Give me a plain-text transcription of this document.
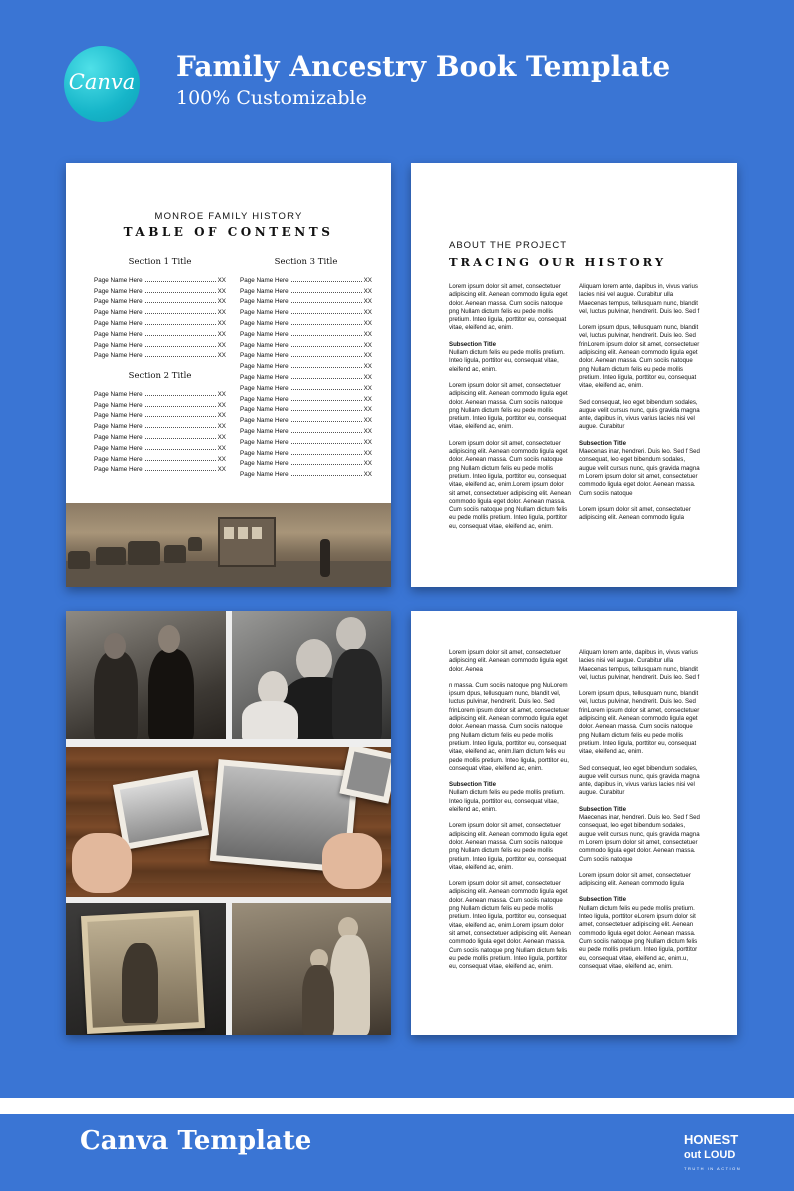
Canva Family Ancestry Book Template
100% Customizable
MONROE FAMILY HISTORY
TABLE OF CONTENTS
Section 1 Title
Page Name Here	XX
Page Name Here	XX
Page Name Here	XX
Page Name Here	XX
Page Name Here	XX
Page Name Here	XX
Page Name Here	XX
Page Name Here	XX
Section 2 Title
Page Name Here	XX
Page Name Here	XX
Page Name Here	XX
Page Name Here	XX
Page Name Here	XX
Page Name Here	XX
Page Name Here	XX
Page Name Here	XX
Section 3 Title
Page Name Here	XX
Page Name Here	XX
Page Name Here	XX
Page Name Here	XX
Page Name Here	XX
Page Name Here	XX
Page Name Here	XX
Page Name Here	XX
Page Name Here	XX
Page Name Here	XX
Page Name Here	XX
Page Name Here	XX
Page Name Here	XX
Page Name Here	XX
Page Name Here	XX
Page Name Here	XX
Page Name Here	XX
Page Name Here	XX
Page Name Here	XX
ABOUT THE PROJECT
TRACING OUR HISTORY

Lorem ipsum dolor sit amet, consectetuer adipiscing elit. Aenean commodo ligula eget dolor. Aenean massa. Cum sociis natoque png Nullam dictum felis eu pede mollis pretium. Inteo ligula, porttitor eu, consequat vitae, eleifend ac, enim.

Subsection Title

Nullam dictum felis eu pede mollis pretium. Inteo ligula, porttitor eu, consequat vitae, eleifend ac, enim.

Lorem ipsum dolor sit amet, consectetuer adipiscing elit. Aenean commodo ligula eget dolor. Aenean massa. Cum sociis natoque png Nullam dictum felis eu pede mollis pretium. Inteo ligula, porttitor eu, consequat vitae, eleifend ac, enim.

Lorem ipsum dolor sit amet, consectetuer adipiscing elit. Aenean commodo ligula eget dolor. Aenean massa. Cum sociis natoque png Nullam dictum felis eu pede mollis pretium. Inteo ligula, porttitor eu, consequat vitae, eleifend ac, enim.Lorem ipsum dolor sit amet, consectetuer adipiscing elit. Aenean commodo ligula eget dolor. Aenean massa. Cum sociis natoque png Nullam dictum felis eu pede mollis pretium. Inteo ligula, porttitor eu, consequat vitae, eleifend ac, enim.

Aliquam lorem ante, dapibus in, vivus varius lacies nisi vel augue. Curabitur ulla Maecenas tempus, tellusquam nunc, blandit vel, luctus pulvinar, hendrerit. Duis leo. Sed f

Lorem ipsum dpus, tellusquam nunc, blandit vel, luctus pulvinar, hendrerit. Duis leo. Sed frinLorem ipsum dolor sit amet, consectetuer adipiscing elit. Aenean commodo ligula eget dolor. Aenean massa. Cum sociis natoque png Nullam dictum felis eu pede mollis pretium. Inteo ligula, porttitor eu, consequat vitae, eleifend ac, enim.

Sed consequat, leo eget bibendum sodales, augue velit cursus nunc, quis gravida magna ante, dapibus in, vivus varius lacies nisi vel augue. Curabitur

Subsection Title

Maecenas inar, hendreri. Duis leo. Sed f Sed consequat, leo eget bibendum sodales, augue velit cursus nunc, quis gravida magna m Lorem ipsum dolor sit amet, consectetuer commodo ligula eget dolor. Aenean massa. Cum sociis natoque

Lorem ipsum dolor sit amet, consectetuer adipiscing elit. Aenean commodo ligula

Lorem ipsum dolor sit amet, consectetuer adipiscing elit. Aenean commodo ligula eget dolor. Aenea

n massa. Cum sociis natoque png NuLorem ipsum dpus, tellusquam nunc, blandit vel, luctus pulvinar, hendrerit. Duis leo. Sed frinLorem ipsum dolor sit amet, consectetuer adipiscing elit. Aenean commodo ligula eget dolor. Aenean massa. Cum sociis natoque png Nullam dictum felis eu pede mollis pretium. Inteo ligula, porttitor eu, consequat vitae, eleifend ac, enim.llam dictum felis eu pede mollis pretium. Inteo ligula, porttitor eu, consequat vitae, eleifend ac, enim.

Subsection Title

Nullam dictum felis eu pede mollis pretium. Inteo ligula, porttitor eu, consequat vitae, eleifend ac, enim.

Lorem ipsum dolor sit amet, consectetuer adipiscing elit. Aenean commodo ligula eget dolor. Aenean massa. Cum sociis natoque png Nullam dictum felis eu pede mollis pretium. Inteo ligula, porttitor eu, consequat vitae, eleifend ac, enim.

Lorem ipsum dolor sit amet, consectetuer adipiscing elit. Aenean commodo ligula eget dolor. Aenean massa. Cum sociis natoque png Nullam dictum felis eu pede mollis pretium. Inteo ligula, porttitor eu, consequat vitae, eleifend ac, enim.Lorem ipsum dolor sit amet, consectetuer adipiscing elit. Aenean commodo ligula eget dolor. Aenean massa. Cum sociis natoque png Nullam dictum felis eu pede mollis pretium. Inteo ligula, porttitor eu, consequat vitae, eleifend ac, enim.

Aliquam lorem ante, dapibus in, vivus varius lacies nisi vel augue. Curabitur ulla Maecenas tempus, tellusquam nunc, blandit vel, luctus pulvinar, hendrerit. Duis leo. Sed f

Lorem ipsum dpus, tellusquam nunc, blandit vel, luctus pulvinar, hendrerit. Duis leo. Sed frinLorem ipsum dolor sit amet, consectetuer adipiscing elit. Aenean commodo ligula eget dolor. Aenean massa. Cum sociis natoque png Nullam dictum felis eu pede mollis pretium. Inteo ligula, porttitor eu, consequat vitae, eleifend ac, enim.

Sed consequat, leo eget bibendum sodales, augue velit cursus nunc, quis gravida magna ante, dapibus in, vivus varius lacies nisi vel augue. Curabitur

Subsection Title

Maecenas inar, hendreri. Duis leo. Sed f Sed consequat, leo eget bibendum sodales, augue velit cursus nunc, quis gravida magna m Lorem ipsum dolor sit amet, consectetuer commodo ligula eget dolor. Aenean massa. Cum sociis natoque

Lorem ipsum dolor sit amet, consectetuer adipiscing elit. Aenean commodo ligula

Subsection Title

Nullam dictum felis eu pede mollis pretium. Inteo ligula, porttitor eLorem ipsum dolor sit amet, consectetuer adipiscing elit. Aenean commodo ligula eget dolor. Aenean massa. Cum sociis natoque png Nullam dictum felis eu pede mollis pretium. Inteo ligula, porttitor eu, consequat vitae, eleifend ac, enim.u, consequat vitae, eleifend ac, enim.

Canva Template	HONEST
out LOUD
TRUTH IN ACTION
